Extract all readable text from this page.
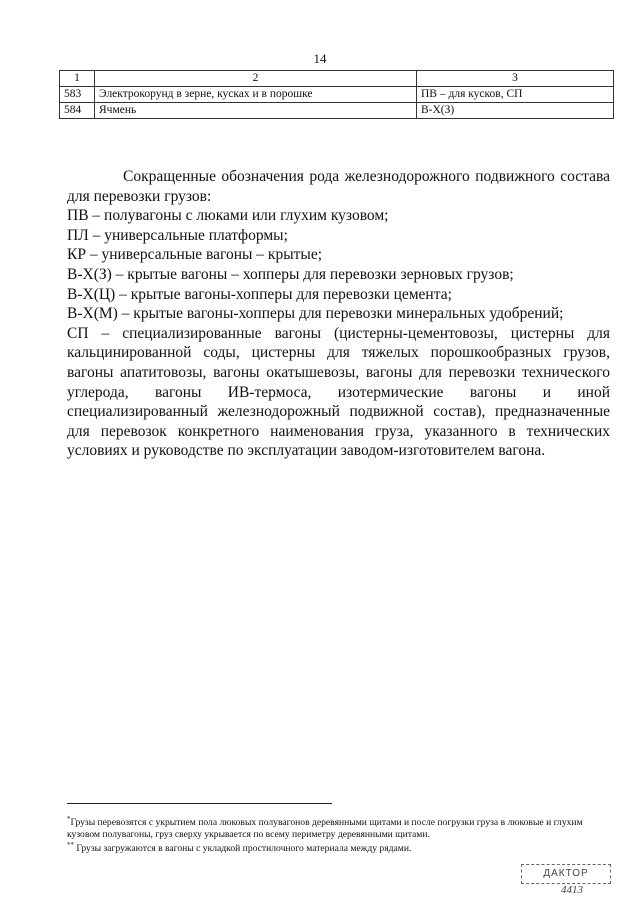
14
1	2	3
583	Электрокорунд в зерне, кусках и в порошке	ПВ – для кусков, СП
584	Ячмень	В-Х(З)

Сокращенные обозначения рода железнодорожного подвижного состава для перевозки грузов:

ПВ – полувагоны с люками или глухим кузовом;

ПЛ – универсальные платформы;

КР – универсальные вагоны – крытые;

В-Х(З) – крытые вагоны – хопперы для перевозки зерновых грузов;

В-Х(Ц) – крытые вагоны-хопперы для перевозки цемента;

В-Х(М) – крытые вагоны-хопперы для перевозки минеральных удобрений;

СП – специализированные вагоны (цистерны-цементовозы, цистерны для кальцинированной соды, цистерны для тяжелых порошкообразных грузов, вагоны апатитовозы, вагоны окатышевозы, вагоны для перевозки технического углерода, вагоны ИВ-термоса, изотермические вагоны и иной специализированный железнодорожный подвижной состав), предназначенные для перевозок конкретного наименования груза, указанного в технических условиях и руководстве по эксплуатации заводом-изготовителем вагона.

*Грузы перевозятся с укрытием пола люковых полувагонов деревянными щитами и после погрузки груза в люковые и глухим кузовом полувагоны, груз сверху укрывается по всему периметру деревянными щитами.

** Грузы загружаются в вагоны с укладкой простилочного материала между рядами.

ДАКТОР
4413
